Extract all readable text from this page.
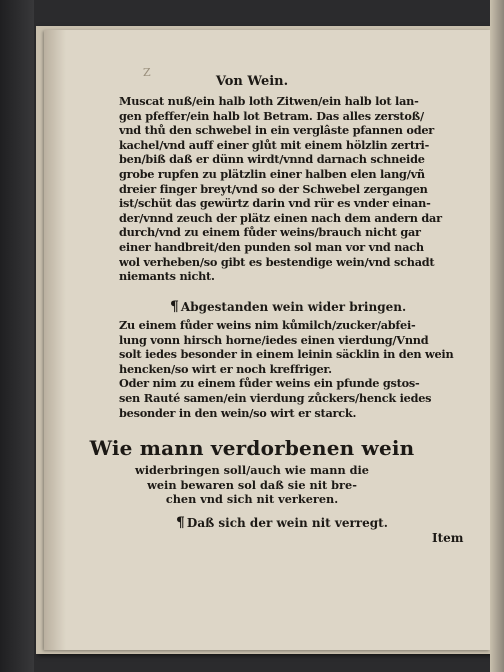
Z
Von Wein.
Muscat nuß/ein halb loth Zitwen/ein halb lot lan-
gen pfeffer/ein halb lot Betram. Das alles zerstoß/
vnd thů den schwebel in ein verglâste pfannen oder
kachel/vnd auff einer glůt mit einem hölzlin zertri-
ben/biß daß er dünn wirdt/vnnd darnach schneide
grobe rupfen zu plätzlin einer halben elen lang/vñ
dreier finger breyt/vnd so der Schwebel zergangen
ist/schüt das gewürtz darin vnd rür es vnder einan-
der/vnnd zeuch der plätz einen nach dem andern dar
durch/vnd zu einem fůder weins/brauch nicht gar
einer handbreit/den punden sol man vor vnd nach
wol verheben/so gibt es bestendige wein/vnd schadt
niemants nicht.
¶ Abgestanden wein wider bringen.
Zu einem fůder weins nim kůmilch/zucker/abfei-
lung vonn hirsch horne/iedes einen vierdung/Vnnd
solt iedes besonder in einem leinin säcklin in den wein
hencken/so wirt er noch kreffriger.
Oder nim zu einem fůder weins ein pfunde gstos-
sen Rauté samen/ein vierdung zůckers/henck iedes
besonder in den wein/so wirt er starck.
Wie mann verdorbenen wein
widerbringen soll/auch wie mann die
wein bewaren sol daß sie nit bre-
chen vnd sich nit verkeren.
¶ Daß sich der wein nit verregt.
Item
